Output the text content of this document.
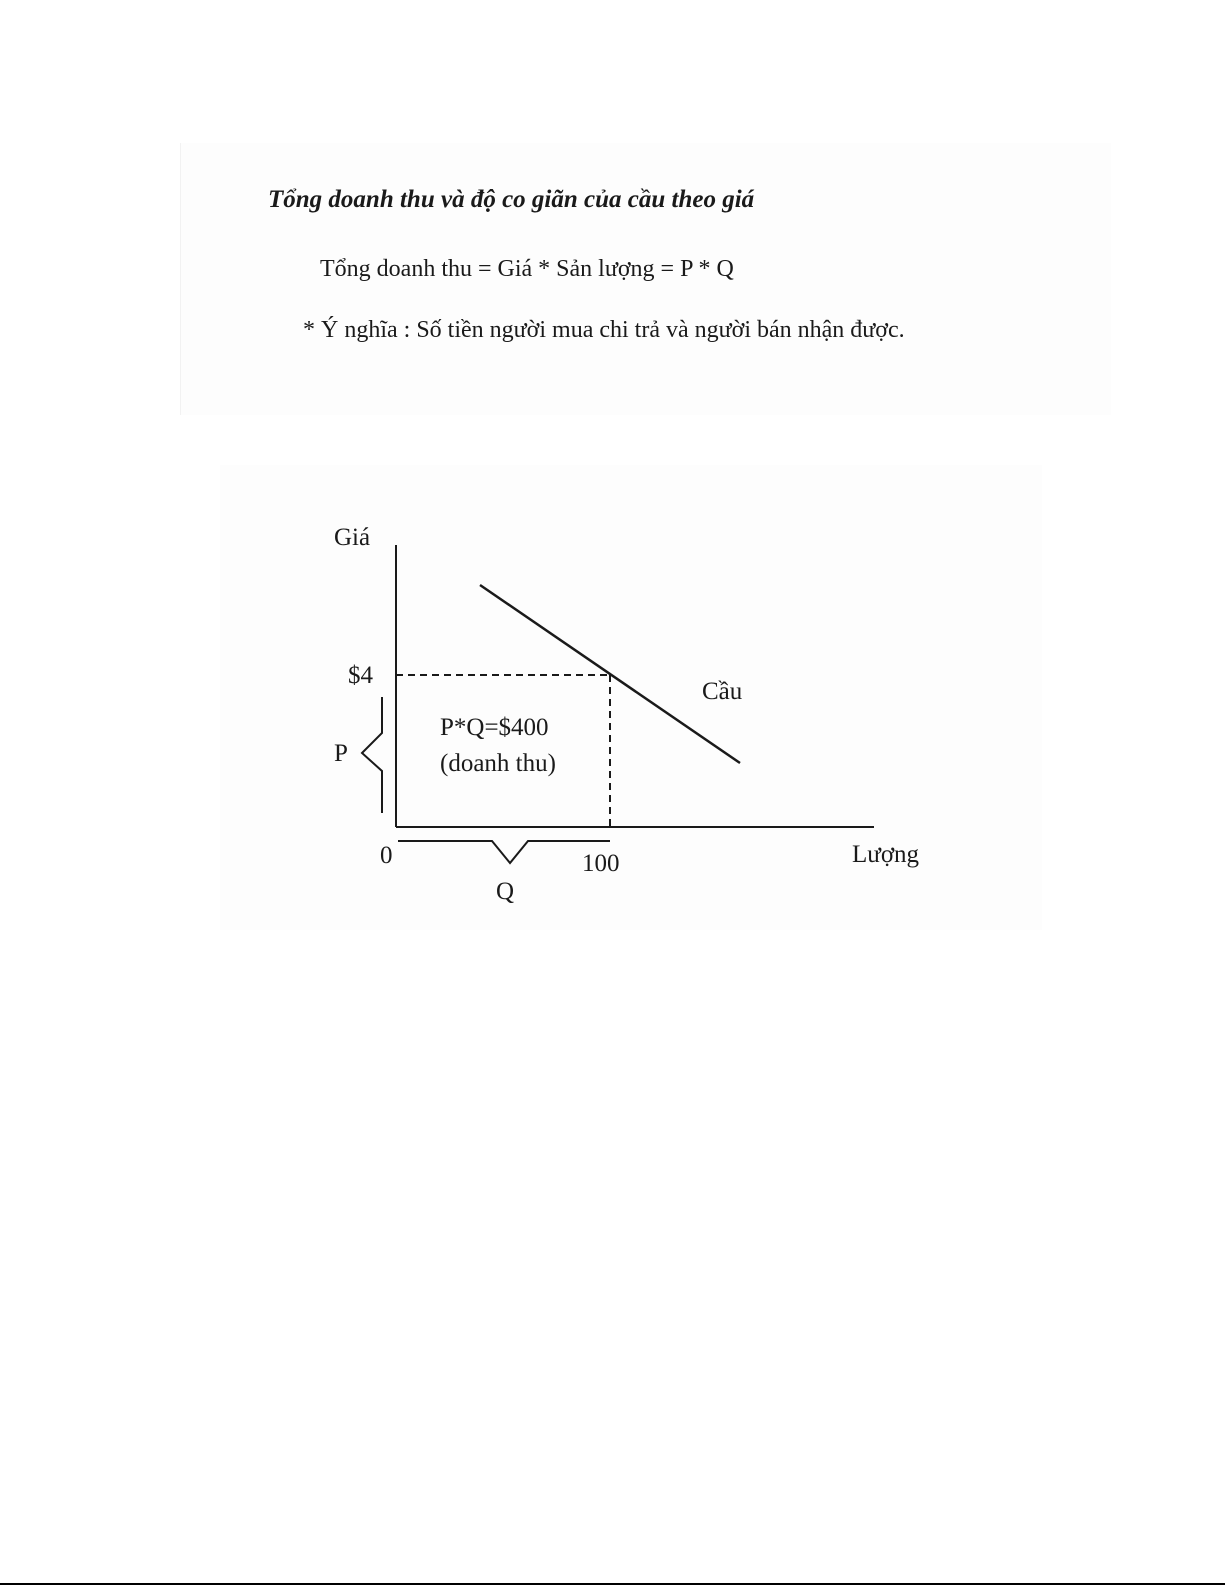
Tổng doanh thu và độ co giãn của cầu theo giá
Tổng doanh thu = Giá * Sản lượng = P * Q
* Ý nghĩa : Số tiền người mua chi trả và người bán nhận được.
Giá
Lượng
$4
100
0
Cầu
P*Q=$400
(doanh thu)
P
Q
